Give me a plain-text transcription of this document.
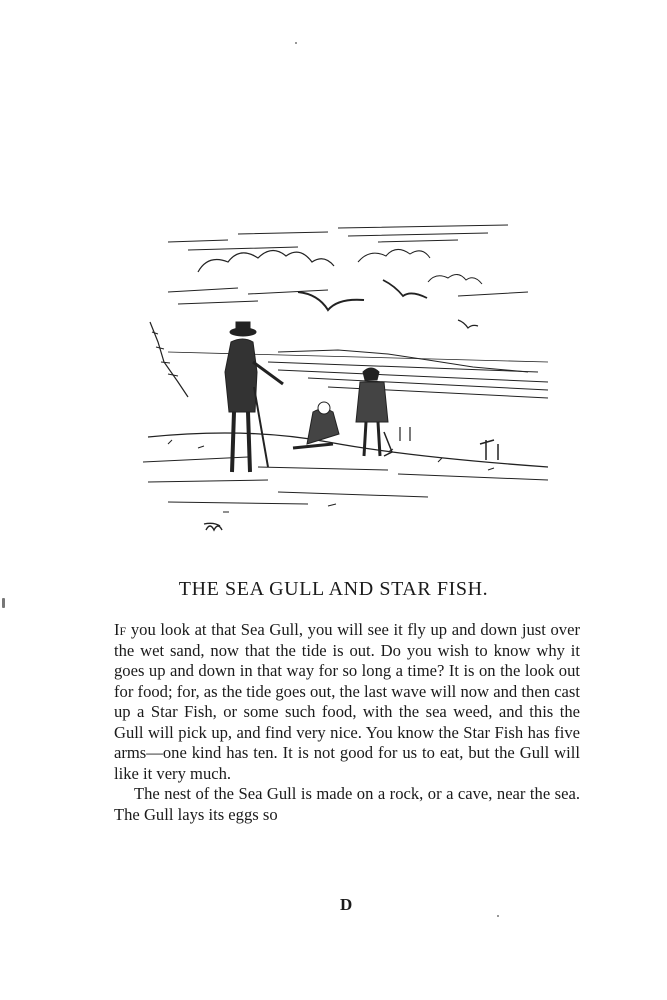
THE SEA GULL AND STAR FISH.

If you look at that Sea Gull, you will see it fly up and down just over the wet sand, now that the tide is out. Do you wish to know why it goes up and down in that way for so long a time? It is on the look out for food; for, as the tide goes out, the last wave will now and then cast up a Star Fish, or some such food, with the sea weed, and this the Gull will pick up, and find very nice. You know the Star Fish has five arms—one kind has ten. It is not good for us to eat, but the Gull will like it very much.

The nest of the Sea Gull is made on a rock, or a cave, near the sea. The Gull lays its eggs so

D
